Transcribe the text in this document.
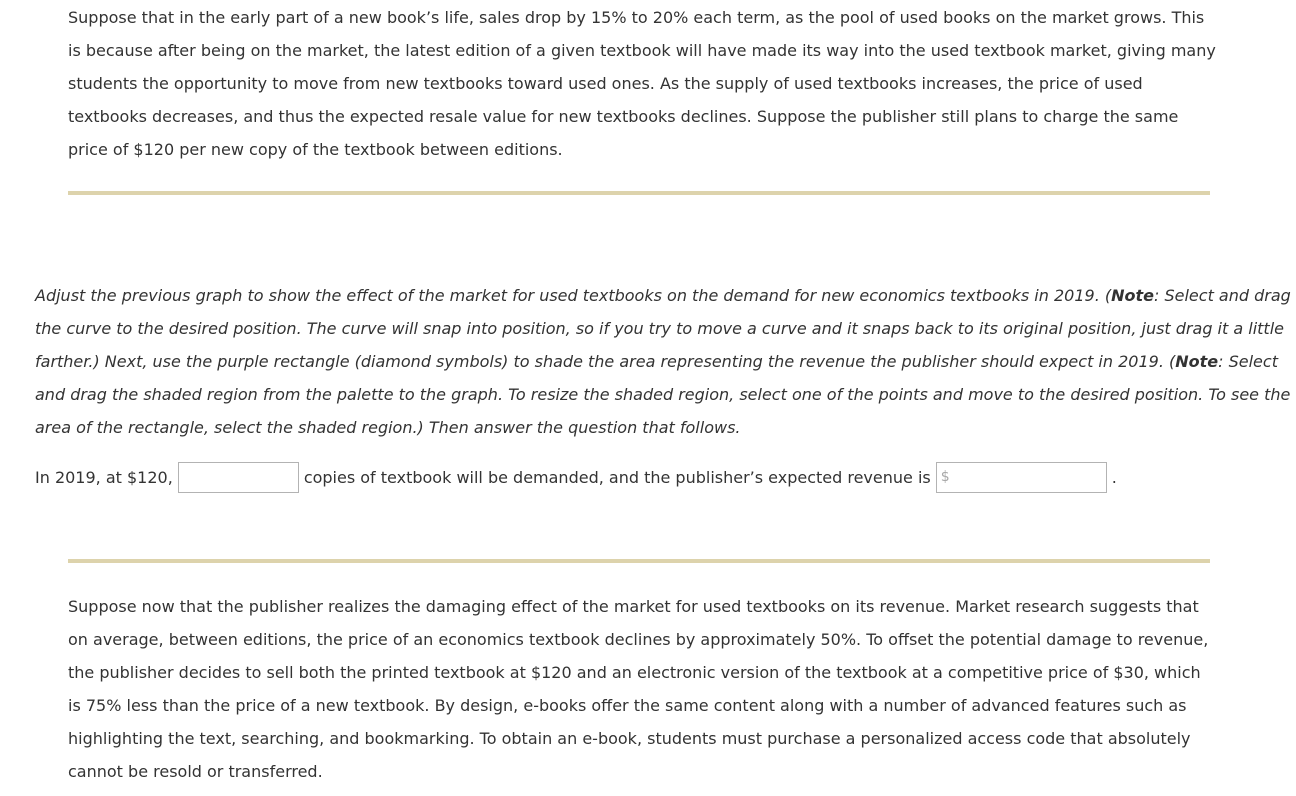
Suppose that in the early part of a new book’s life, sales drop by 15% to 20% each term, as the pool of used books on the market grows. This is because after being on the market, the latest edition of a given textbook will have made its way into the used textbook market, giving many students the opportunity to move from new textbooks toward used ones. As the supply of used textbooks increases, the price of used textbooks decreases, and thus the expected resale value for new textbooks declines. Suppose the publisher still plans to charge the same price of $120 per new copy of the textbook between editions.

Adjust the previous graph to show the effect of the market for used textbooks on the demand for new economics textbooks in 2019. (Note: Select and drag the curve to the desired position. The curve will snap into position, so if you try to move a curve and it snaps back to its original position, just drag it a little farther.) Next, use the purple rectangle (diamond symbols) to shade the area representing the revenue the publisher should expect in 2019. (Note: Select and drag the shaded region from the palette to the graph. To resize the shaded region, select one of the points and move to the desired position. To see the area of the rectangle, select the shaded region.) Then answer the question that follows.

In 2019, at $120,	copies of textbook will be demanded, and the publisher’s expected revenue is $	.

Suppose now that the publisher realizes the damaging effect of the market for used textbooks on its revenue. Market research suggests that on average, between editions, the price of an economics textbook declines by approximately 50%. To offset the potential damage to revenue, the publisher decides to sell both the printed textbook at $120 and an electronic version of the textbook at a competitive price of $30, which is 75% less than the price of a new textbook. By design, e-books offer the same content along with a number of advanced features such as highlighting the text, searching, and bookmarking. To obtain an e-book, students must purchase a personalized access code that absolutely cannot be resold or transferred.
